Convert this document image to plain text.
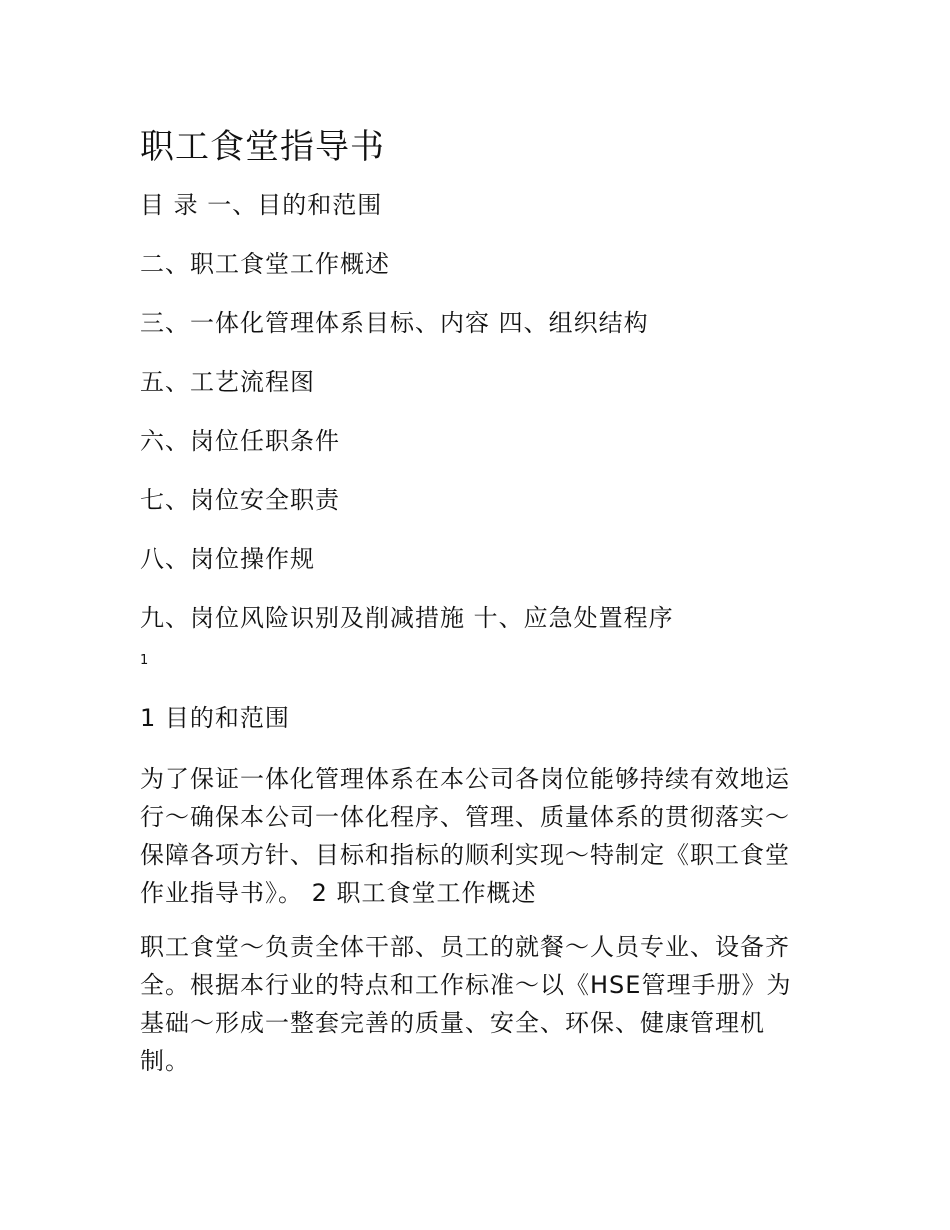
职工食堂指导书
目 录 一、目的和范围
二、职工食堂工作概述
三、一体化管理体系目标、内容 四、组织结构
五、工艺流程图
六、岗位任职条件
七、岗位安全职责
八、岗位操作规
九、岗位风险识别及削减措施 十、应急处置程序
1
1 目的和范围

为了保证一体化管理体系在本公司各岗位能够持续有效地运行～确保本公司一体化程序、管理、质量体系的贯彻落实～保障各项方针、目标和指标的顺利实现～特制定《职工食堂作业指导书》。 2 职工食堂工作概述

职工食堂～负责全体干部、员工的就餐～人员专业、设备齐全。根据本行业的特点和工作标准～以《HSE管理手册》为基础～形成一整套完善的质量、安全、环保、健康管理机制。
